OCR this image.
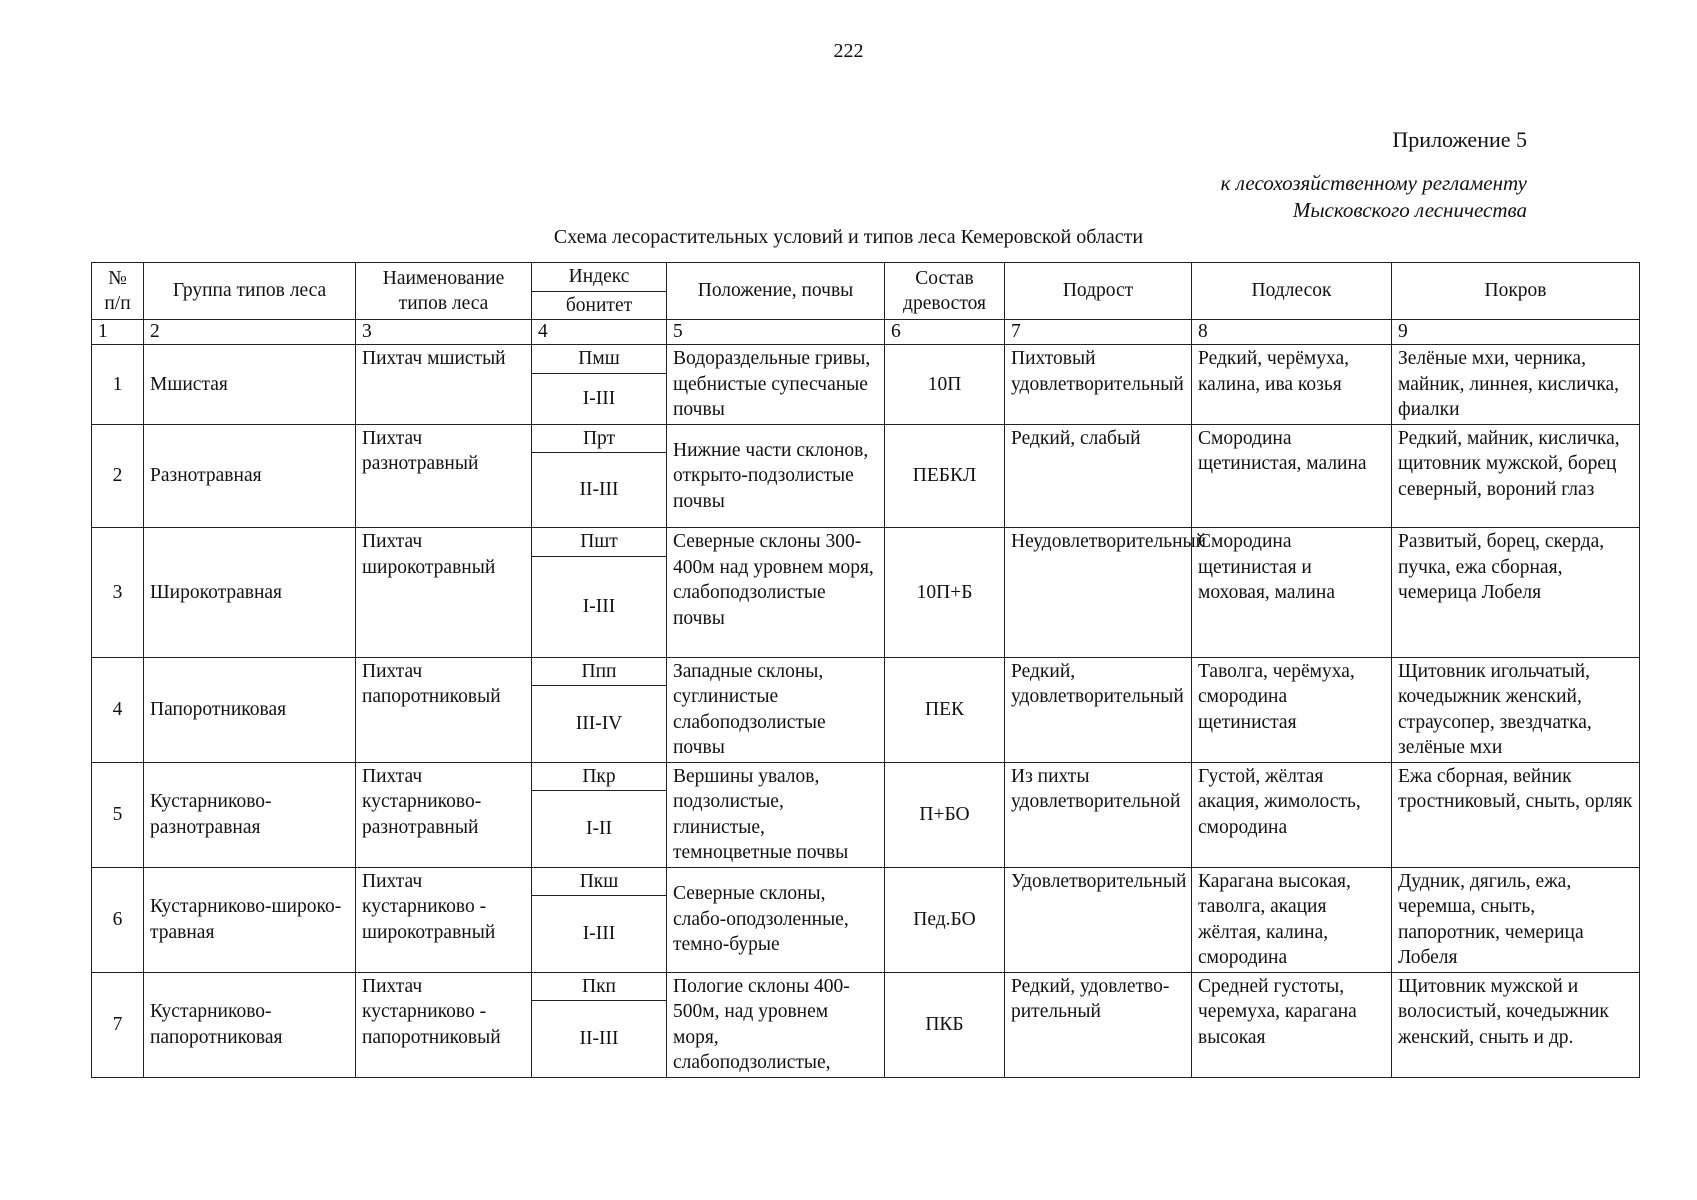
222
Приложение 5
к лесохозяйственному регламенту
Мысковского лесничества
Схема лесорастительных условий и типов леса Кемеровской области
№ п/п	Группа типов леса	Наименование типов леса	Индекс	Положение, почвы	Состав древостоя	Подрост	Подлесок	Покров
			бонитет					
1	2	3	4	5	6	7	8	9
1	Мшистая	Пихтач мшистый	Пмш	Водораздельные гривы, щебнистые супесчаные почвы	10П	Пихтовый удовлетворительный	Редкий, черёмуха, калина, ива козья	Зелёные мхи, черника, майник, линнея, кисличка, фиалки
			I-III					
2	Разнотравная	Пихтач разнотравный	Прт	Нижние части склонов, открыто-подзолистые почвы	ПЕБКЛ	Редкий, слабый	Смородина щетинистая, малина	Редкий, майник, кисличка, щитовник мужской, борец северный, вороний глаз
			II-III					
3	Широкотравная	Пихтач широкотравный	Пшт	Северные склоны 300-400м над уровнем моря, слабоподзолистые почвы	10П+Б	Неудовлетворительный	Смородина щетинистая и моховая, малина	Развитый, борец, скерда, пучка, ежа сборная, чемерица Лобеля
			I-III					
4	Папоротниковая	Пихтач папоротниковый	Ппп	Западные склоны, суглинистые слабоподзолистые почвы	ПЕК	Редкий, удовлетворительный	Таволга, черёмуха, смородина щетинистая	Щитовник игольчатый, кочедыжник женский, страусопер, звездчатка, зелёные мхи
			III-IV					
5	Кустарниково-разнотравная	Пихтач кустарниково-разнотравный	Пкр	Вершины увалов, подзолистые, глинистые, темноцветные почвы	П+БО	Из пихты удовлетворительной	Густой, жёлтая акация, жимолость, смородина	Ежа сборная, вейник тростниковый, сныть, орляк
			I-II					
6	Кустарниково-широко-травная	Пихтач кустарниково - широкотравный	Пкш	Северные склоны, слабо-оподзоленные, темно-бурые	Пед.БО	Удовлетворительный	Карагана высокая, таволга, акация жёлтая, калина, смородина	Дудник, дягиль, ежа, черемша, сныть, папоротник, чемерица Лобеля
			I-III					
7	Кустарниково-папоротниковая	Пихтач кустарниково - папоротниковый	Пкп	Пологие склоны 400-500м, над уровнем моря, слабоподзолистые,	ПКБ	Редкий, удовлетво-рительный	Средней густоты, черемуха, карагана высокая	Щитовник мужской и волосистый, кочедыжник женский, сныть и др.
			II-III					
